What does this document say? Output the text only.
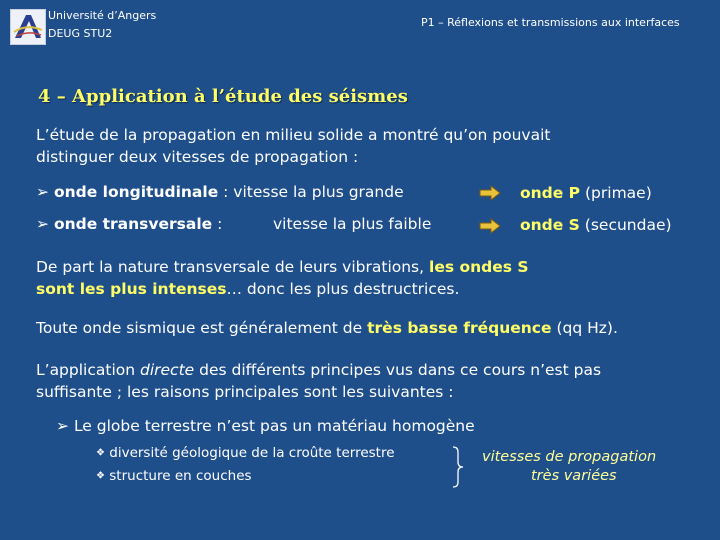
Université d’Angers
DEUG STU2
P1 – Réflexions et transmissions aux interfaces
4 – Application à l’étude des séismes
L’étude de la propagation en milieu solide a montré qu’on pouvait
distinguer deux vitesses de propagation :
➢ onde longitudinale : vitesse la plus grande	onde P (primae)
➢ onde transversale :	vitesse la plus faible	onde S (secundae)
De part la nature transversale de leurs vibrations, les ondes S
sont les plus intenses… donc les plus destructrices.
Toute onde sismique est généralement de très basse fréquence (qq Hz).
L’application directe des différents principes vus dans ce cours n’est pas
suffisante ; les raisons principales sont les suivantes :
➢ Le globe terrestre n’est pas un matériau homogène
❖ diversité géologique de la croûte terrestre
❖ structure en couches
vitesses de propagation
très variées
